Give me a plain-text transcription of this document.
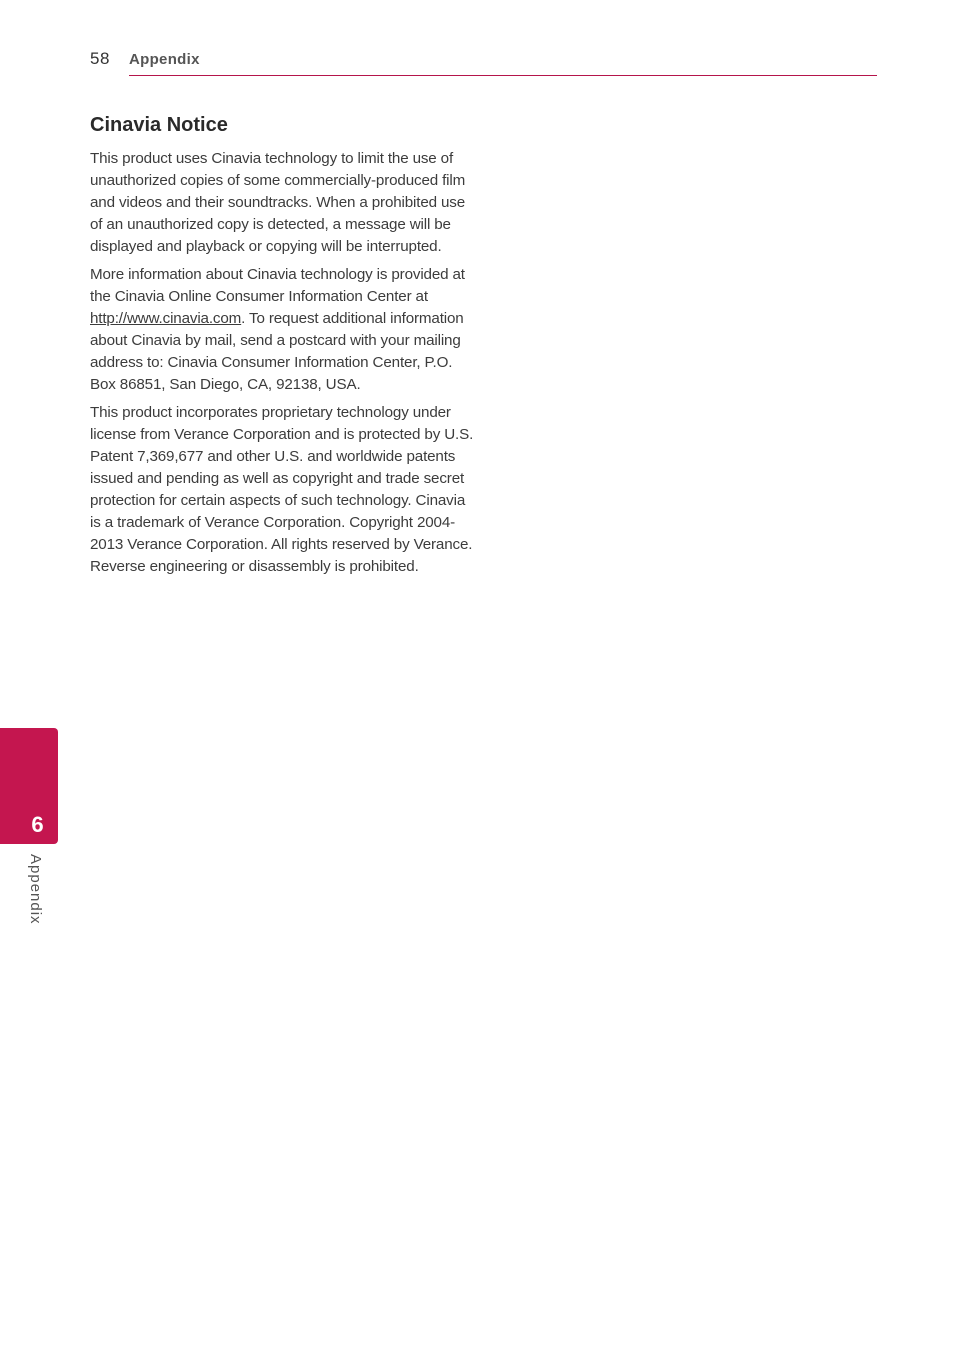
58 Appendix
Cinavia Notice

This product uses Cinavia technology to limit the use of unauthorized copies of some commercially-produced film and videos and their soundtracks. When a prohibited use of an unauthorized copy is detected, a message will be displayed and playback or copying will be interrupted.

More information about Cinavia technology is provided at the Cinavia Online Consumer Information Center at http://www.cinavia.com. To request additional information about Cinavia by mail, send a postcard with your mailing address to: Cinavia Consumer Information Center, P.O. Box 86851, San Diego, CA, 92138, USA.

This product incorporates proprietary technology under license from Verance Corporation and is protected by U.S. Patent 7,369,677 and other U.S. and worldwide patents issued and pending as well as copyright and trade secret protection for certain aspects of such technology. Cinavia is a trademark of Verance Corporation. Copyright 2004-2013 Verance Corporation. All rights reserved by Verance. Reverse engineering or disassembly is prohibited.

6
Appendix
